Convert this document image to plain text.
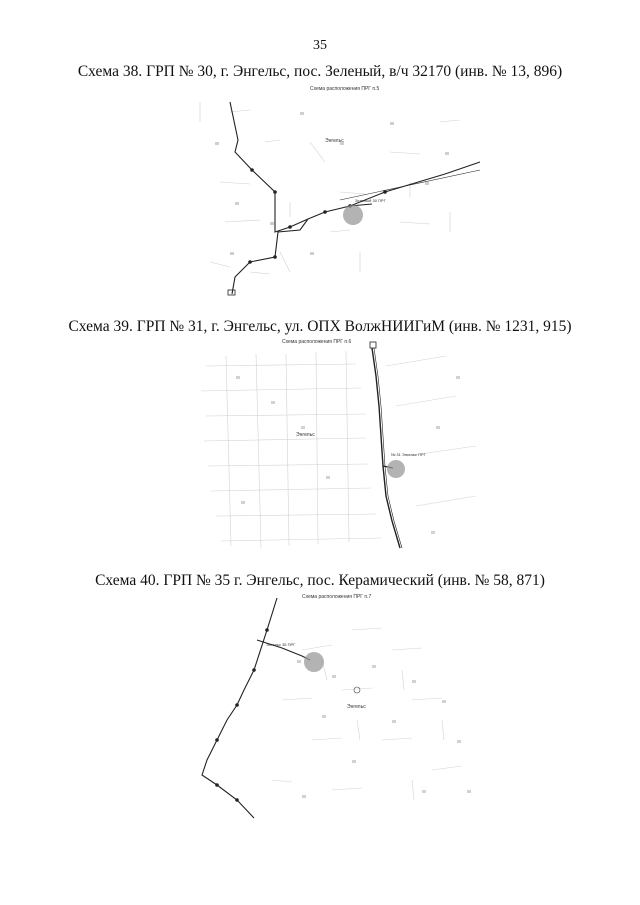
35
Схема 38. ГРП № 30, г. Энгельс, пос. Зеленый, в/ч 32170 (инв. № 13, 896)
Схема расположения ПРГ п.5
Энгельс
Зеленый 30 ПРГ
Схема 39. ГРП № 31, г. Энгельс, ул. ОПХ ВолжНИИГиМ (инв. № 1231, 915)
Схема расположения ПРГ п.6
Энгельс
№ 31 Энгельс ПРГ
Схема 40. ГРП № 35 г. Энгельс, пос. Керамический (инв. № 58, 871)
Схема расположения ПРГ п.7
Энгельс
Энгельс 35 ПРГ
